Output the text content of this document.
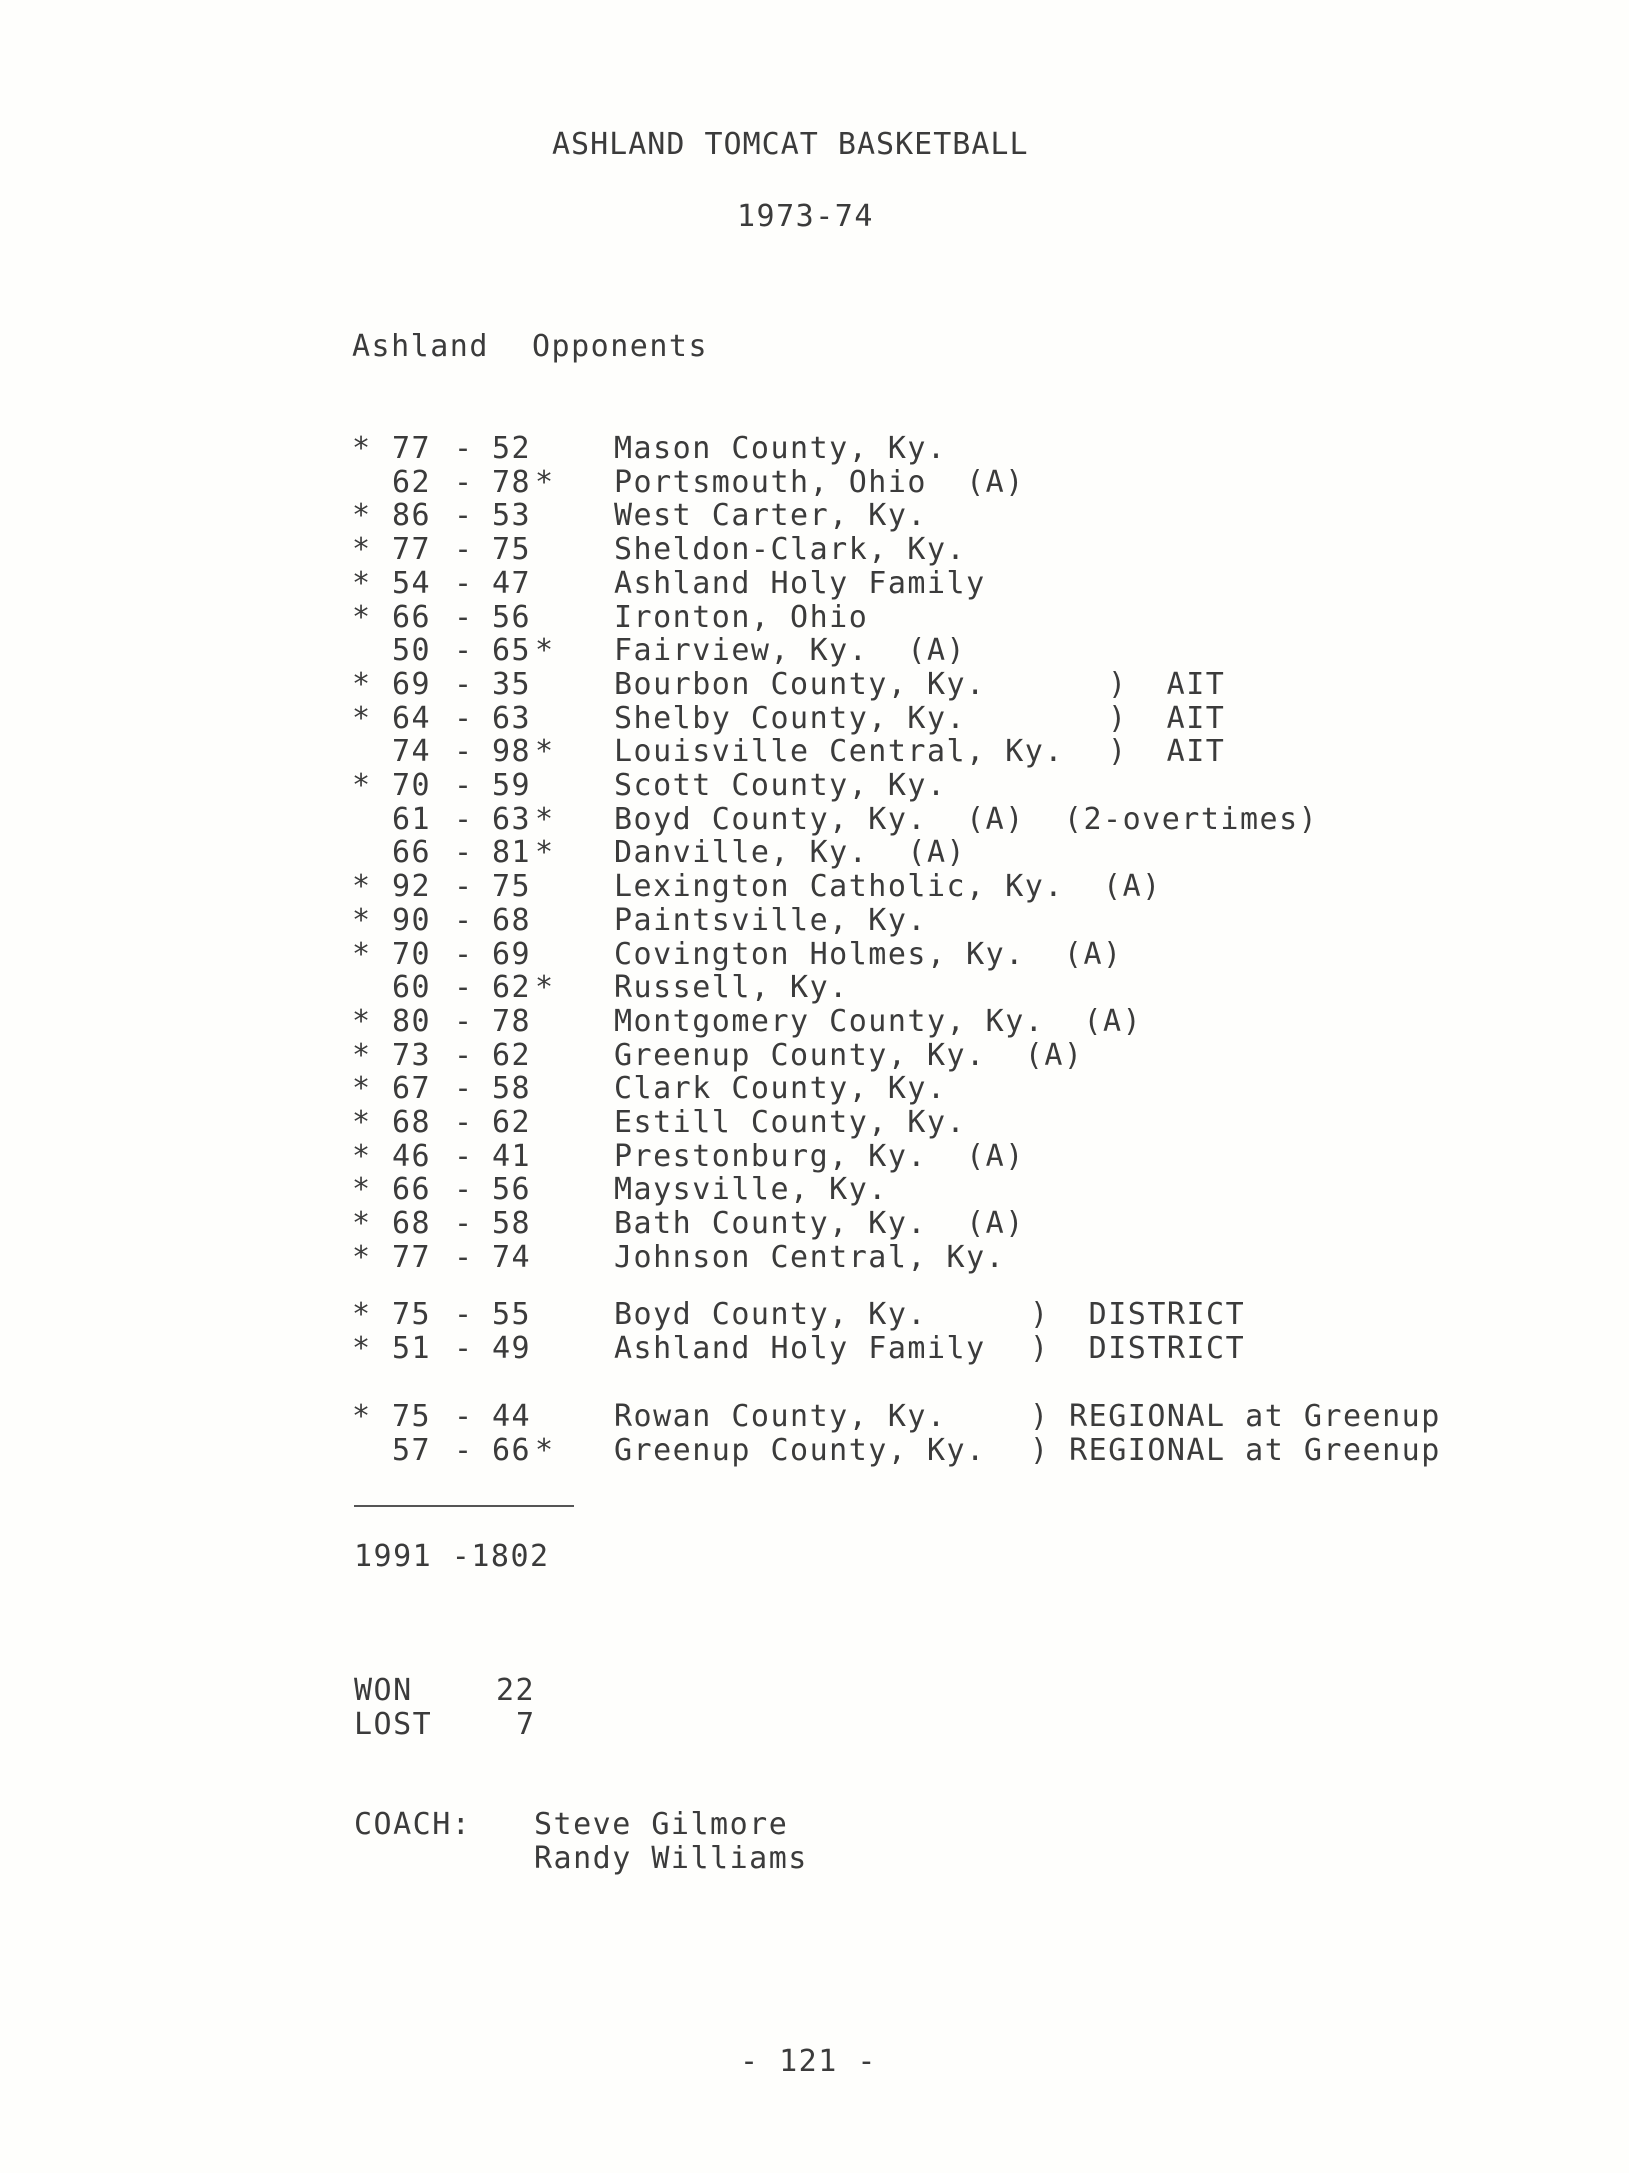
ASHLAND TOMCAT BASKETBALL
1973-74
Ashland Opponents
* 77 - 52	Mason County, Ky.
62 - 78 * Portsmouth, Ohio  (A)
* 86 - 53	West Carter, Ky.
* 77 - 75	Sheldon-Clark, Ky.
* 54 - 47	Ashland Holy Family
* 66 - 56	Ironton, Ohio
50 - 65 * Fairview, Ky.  (A)
* 69 - 35	Bourbon County, Ky.	)  AIT
* 64 - 63	Shelby County, Ky.	)  AIT
74 - 98 * Louisville Central, Ky. )  AIT
* 70 - 59	Scott County, Ky.
61 - 63 * Boyd County, Ky.  (A)  (2-overtimes)
66 - 81 * Danville, Ky.  (A)
* 92 - 75	Lexington Catholic, Ky.  (A)
* 90 - 68	Paintsville, Ky.
* 70 - 69	Covington Holmes, Ky.  (A)
60 - 62 * Russell, Ky.
* 80 - 78	Montgomery County, Ky.  (A)
* 73 - 62	Greenup County, Ky.  (A)
* 67 - 58	Clark County, Ky.
* 68 - 62	Estill County, Ky.
* 46 - 41	Prestonburg, Ky.  (A)
* 66 - 56	Maysville, Ky.
* 68 - 58	Bath County, Ky.  (A)
* 77 - 74	Johnson Central, Ky.
* 75 - 55	Boyd County, Ky.	)  DISTRICT
* 51 - 49	Ashland Holy Family )  DISTRICT
* 75 - 44	Rowan County, Ky.	) REGIONAL at Greenup
57 - 66 * Greenup County, Ky. ) REGIONAL at Greenup
1991 -1802
WON	22
LOST	7
COACH: Steve Gilmore
Randy Williams
- 121 -
